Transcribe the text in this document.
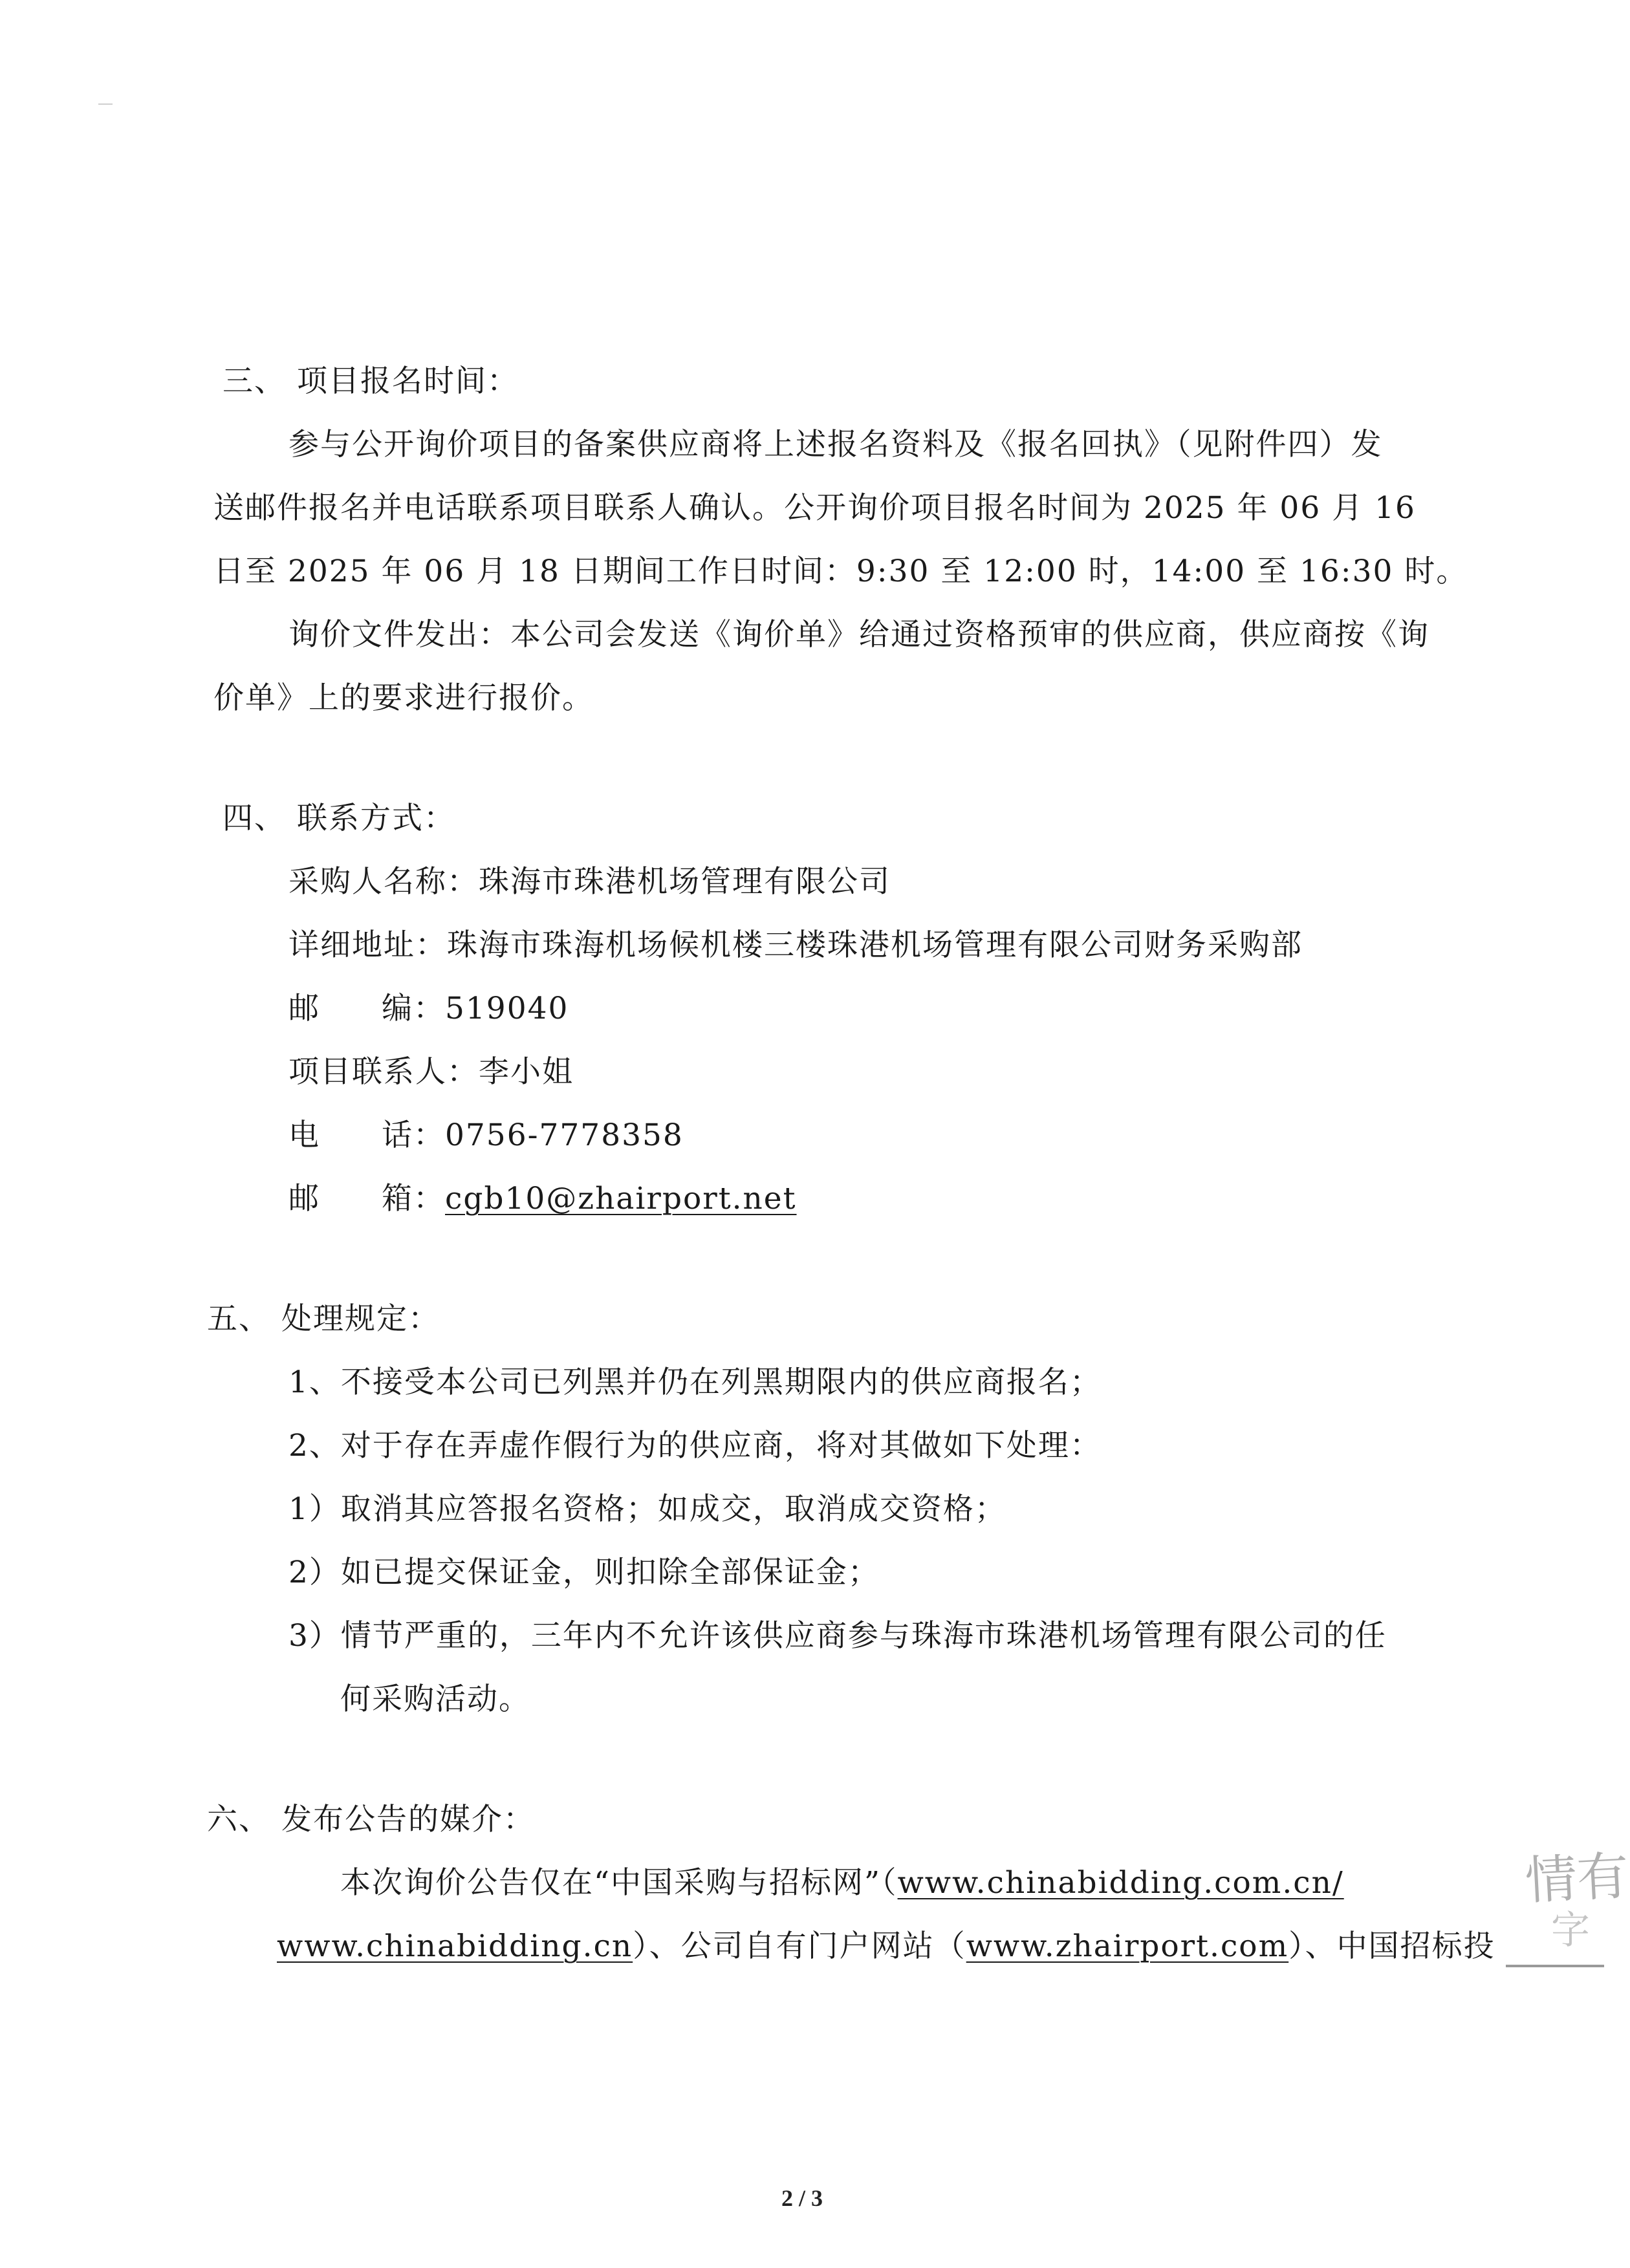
三、 项目报名时间：
参与公开询价项目的备案供应商将上述报名资料及《报名回执》（见附件四）发
送邮件报名并电话联系项目联系人确认。公开询价项目报名时间为 2025 年 06 月 16
日至 2025 年 06 月 18 日期间工作日时间：9:30 至 12:00 时，14:00 至 16:30 时。
询价文件发出：本公司会发送《询价单》给通过资格预审的供应商，供应商按《询
价单》上的要求进行报价。
四、 联系方式：
采购人名称：珠海市珠港机场管理有限公司
详细地址：珠海市珠海机场候机楼三楼珠港机场管理有限公司财务采购部
邮 编：519040
项目联系人：李小姐
电 话：0756-7778358
邮 箱：cgb10@zhairport.net
五、 处理规定：
1、不接受本公司已列黑并仍在列黑期限内的供应商报名；
2、对于存在弄虚作假行为的供应商，将对其做如下处理：
1）取消其应答报名资格；如成交，取消成交资格；
2）如已提交保证金，则扣除全部保证金；
3）情节严重的，三年内不允许该供应商参与珠海市珠港机场管理有限公司的任
何采购活动。
六、 发布公告的媒介：
本次询价公告仅在“中国采购与招标网”（www.chinabidding.com.cn/
www.chinabidding.cn）、公司自有门户网站（www.zhairport.com）、中国招标投
情有
字
2 / 3
